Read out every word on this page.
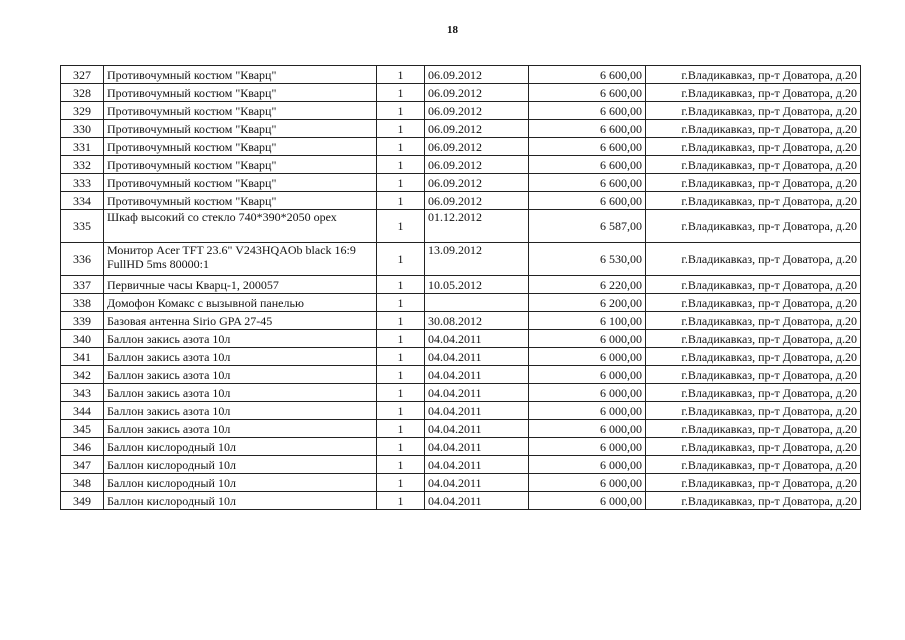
18
327	Противочумный костюм "Кварц"	1	06.09.2012	6 600,00	г.Владикавказ, пр-т Доватора, д.20
328	Противочумный костюм "Кварц"	1	06.09.2012	6 600,00	г.Владикавказ, пр-т Доватора, д.20
329	Противочумный костюм "Кварц"	1	06.09.2012	6 600,00	г.Владикавказ, пр-т Доватора, д.20
330	Противочумный костюм "Кварц"	1	06.09.2012	6 600,00	г.Владикавказ, пр-т Доватора, д.20
331	Противочумный костюм "Кварц"	1	06.09.2012	6 600,00	г.Владикавказ, пр-т Доватора, д.20
332	Противочумный костюм "Кварц"	1	06.09.2012	6 600,00	г.Владикавказ, пр-т Доватора, д.20
333	Противочумный костюм "Кварц"	1	06.09.2012	6 600,00	г.Владикавказ, пр-т Доватора, д.20
334	Противочумный костюм "Кварц"	1	06.09.2012	6 600,00	г.Владикавказ, пр-т Доватора, д.20
335	Шкаф высокий со стекло 740*390*2050 орех	1	01.12.2012	6 587,00	г.Владикавказ, пр-т Доватора, д.20
336	Монитор Acer TFT 23.6" V243HQAOb black 16:9 FullHD 5ms 80000:1	1	13.09.2012	6 530,00	г.Владикавказ, пр-т Доватора, д.20
337	Первичные часы Кварц-1, 200057	1	10.05.2012	6 220,00	г.Владикавказ, пр-т Доватора, д.20
338	Домофон Комакс с вызывной панелью	1		6 200,00	г.Владикавказ, пр-т Доватора, д.20
339	Базовая антенна Sirio GPA 27-45	1	30.08.2012	6 100,00	г.Владикавказ, пр-т Доватора, д.20
340	Баллон закись азота 10л	1	04.04.2011	6 000,00	г.Владикавказ, пр-т Доватора, д.20
341	Баллон закись азота 10л	1	04.04.2011	6 000,00	г.Владикавказ, пр-т Доватора, д.20
342	Баллон закись азота 10л	1	04.04.2011	6 000,00	г.Владикавказ, пр-т Доватора, д.20
343	Баллон закись азота 10л	1	04.04.2011	6 000,00	г.Владикавказ, пр-т Доватора, д.20
344	Баллон закись азота 10л	1	04.04.2011	6 000,00	г.Владикавказ, пр-т Доватора, д.20
345	Баллон закись азота 10л	1	04.04.2011	6 000,00	г.Владикавказ, пр-т Доватора, д.20
346	Баллон кислородный 10л	1	04.04.2011	6 000,00	г.Владикавказ, пр-т Доватора, д.20
347	Баллон кислородный 10л	1	04.04.2011	6 000,00	г.Владикавказ, пр-т Доватора, д.20
348	Баллон кислородный 10л	1	04.04.2011	6 000,00	г.Владикавказ, пр-т Доватора, д.20
349	Баллон кислородный 10л	1	04.04.2011	6 000,00	г.Владикавказ, пр-т Доватора, д.20
